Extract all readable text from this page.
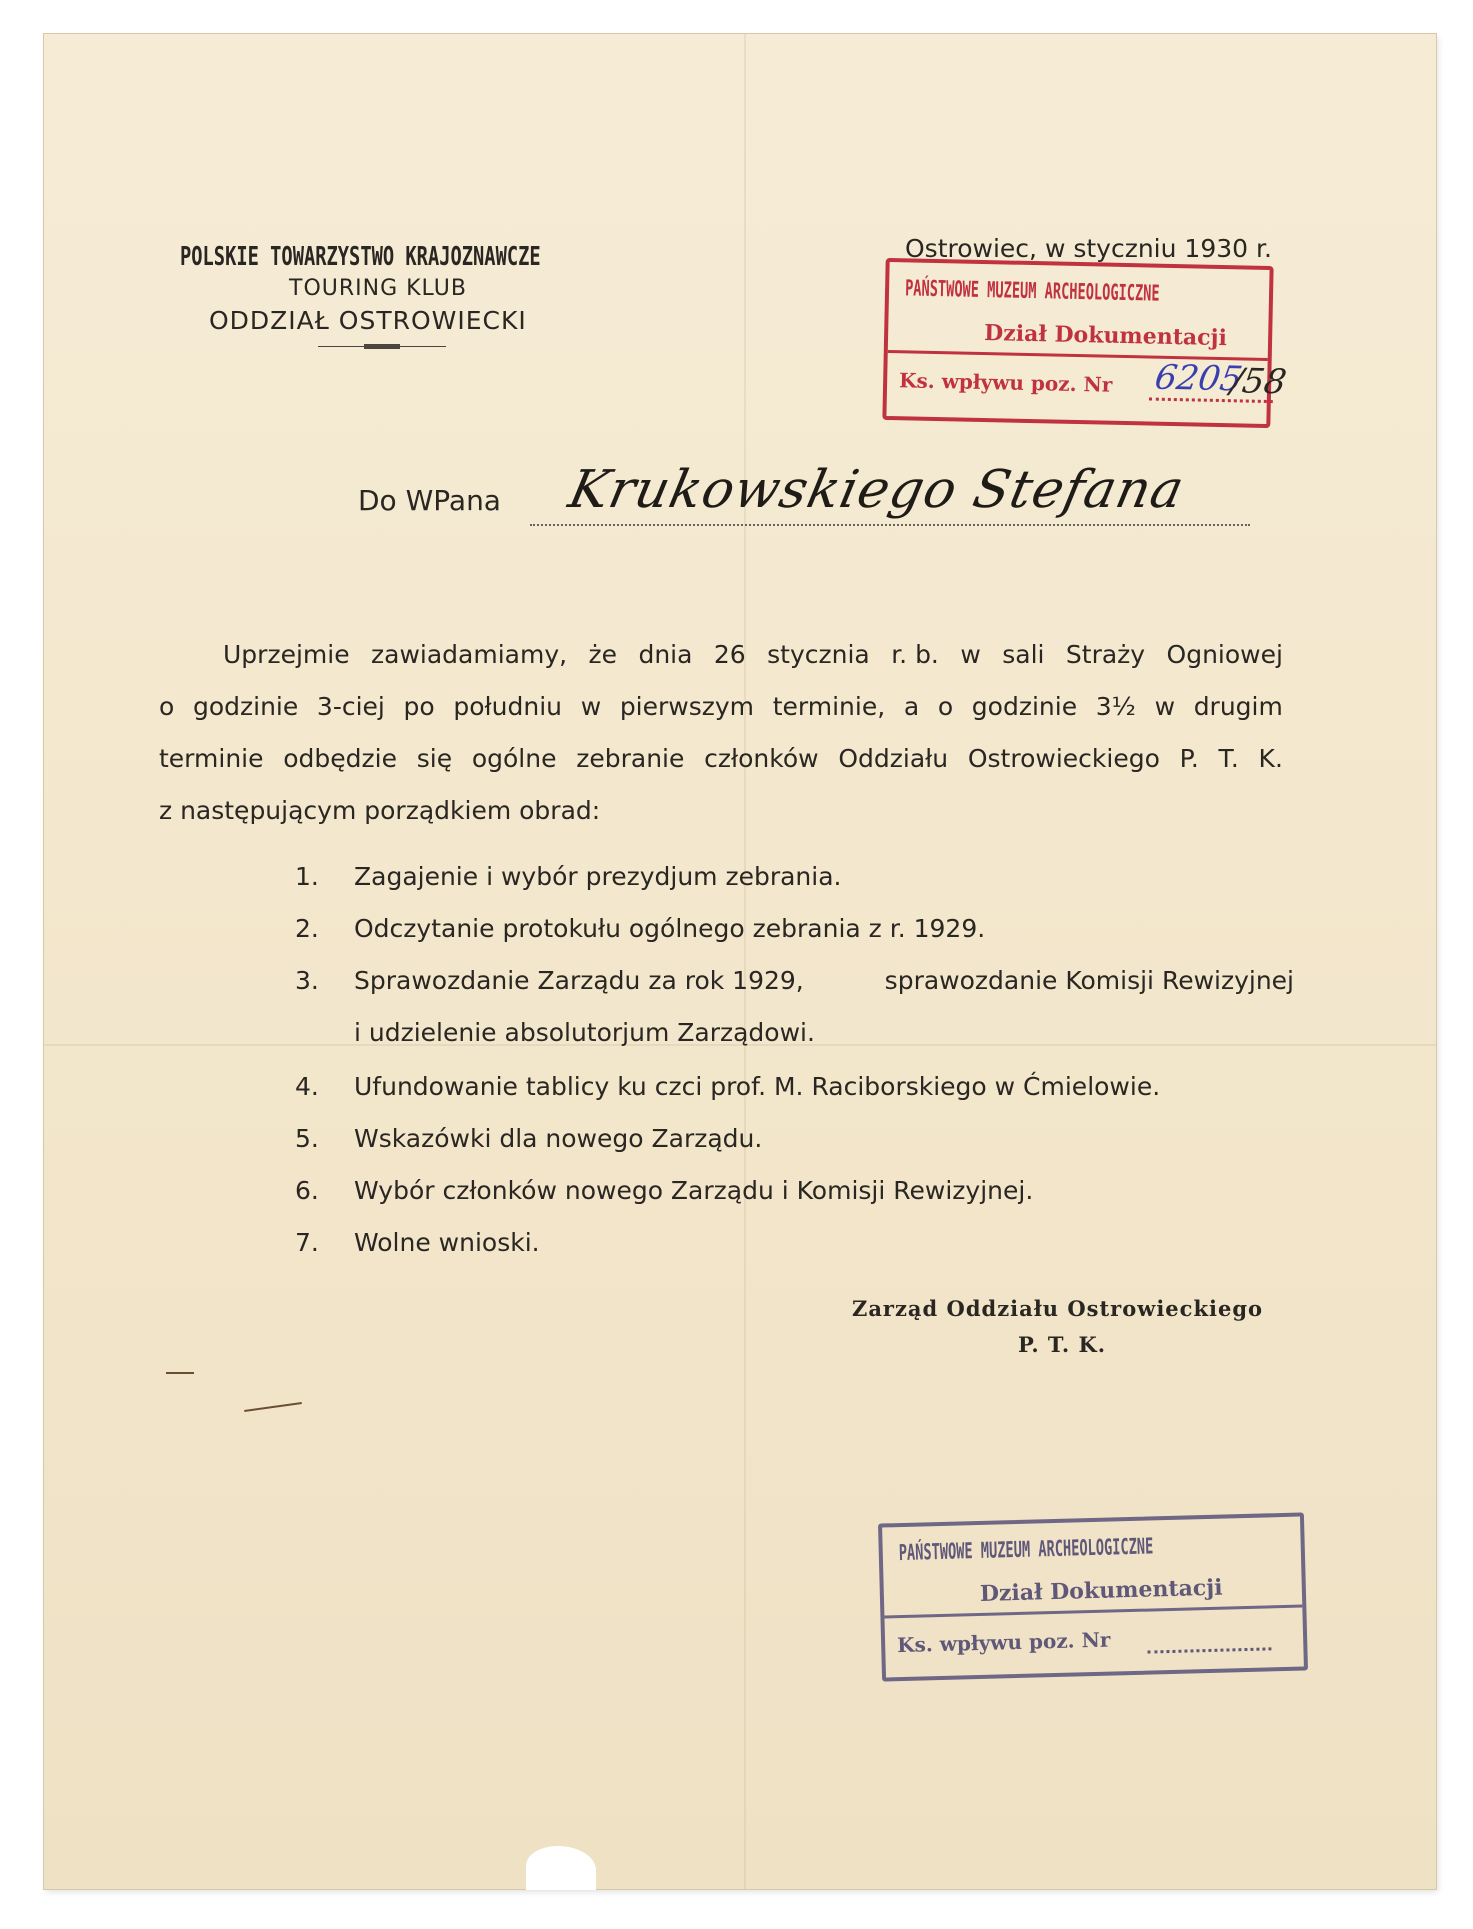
POLSKIE TOWARZYSTWO KRAJOZNAWCZE
TOURING KLUB
ODDZIAŁ OSTROWIECKI
Ostrowiec, w styczniu 1930 r.
PAŃSTWOWE MUZEUM ARCHEOLOGICZNE
Dział Dokumentacji
Ks. wpływu poz. Nr 6205
/58
Do WPana Krukowskiego Stefana
Uprzejmie zawiadamiamy, że dnia 26 stycznia r. b. w sali Straży Ogniowej
o godzinie 3-ciej po południu w pierwszym terminie, a o godzinie 3½ w drugim
terminie odbędzie się ogólne zebranie członków Oddziału Ostrowieckiego P. T. K.
z następującym porządkiem obrad:
1. Zagajenie i wybór prezydjum zebrania.
2. Odczytanie protokułu ogólnego zebrania z r. 1929.
3. Sprawozdanie Zarządu za rok 1929,	sprawozdanie Komisji Rewizyjnej
i udzielenie absolutorjum Zarządowi.
4. Ufundowanie tablicy ku czci prof. M. Raciborskiego w Ćmielowie.
5. Wskazówki dla nowego Zarządu.
6. Wybór członków nowego Zarządu i Komisji Rewizyjnej.
7. Wolne wnioski.
Zarząd Oddziału Ostrowieckiego
P. T. K.
PAŃSTWOWE MUZEUM ARCHEOLOGICZNE
Dział Dokumentacji
Ks. wpływu poz. Nr
